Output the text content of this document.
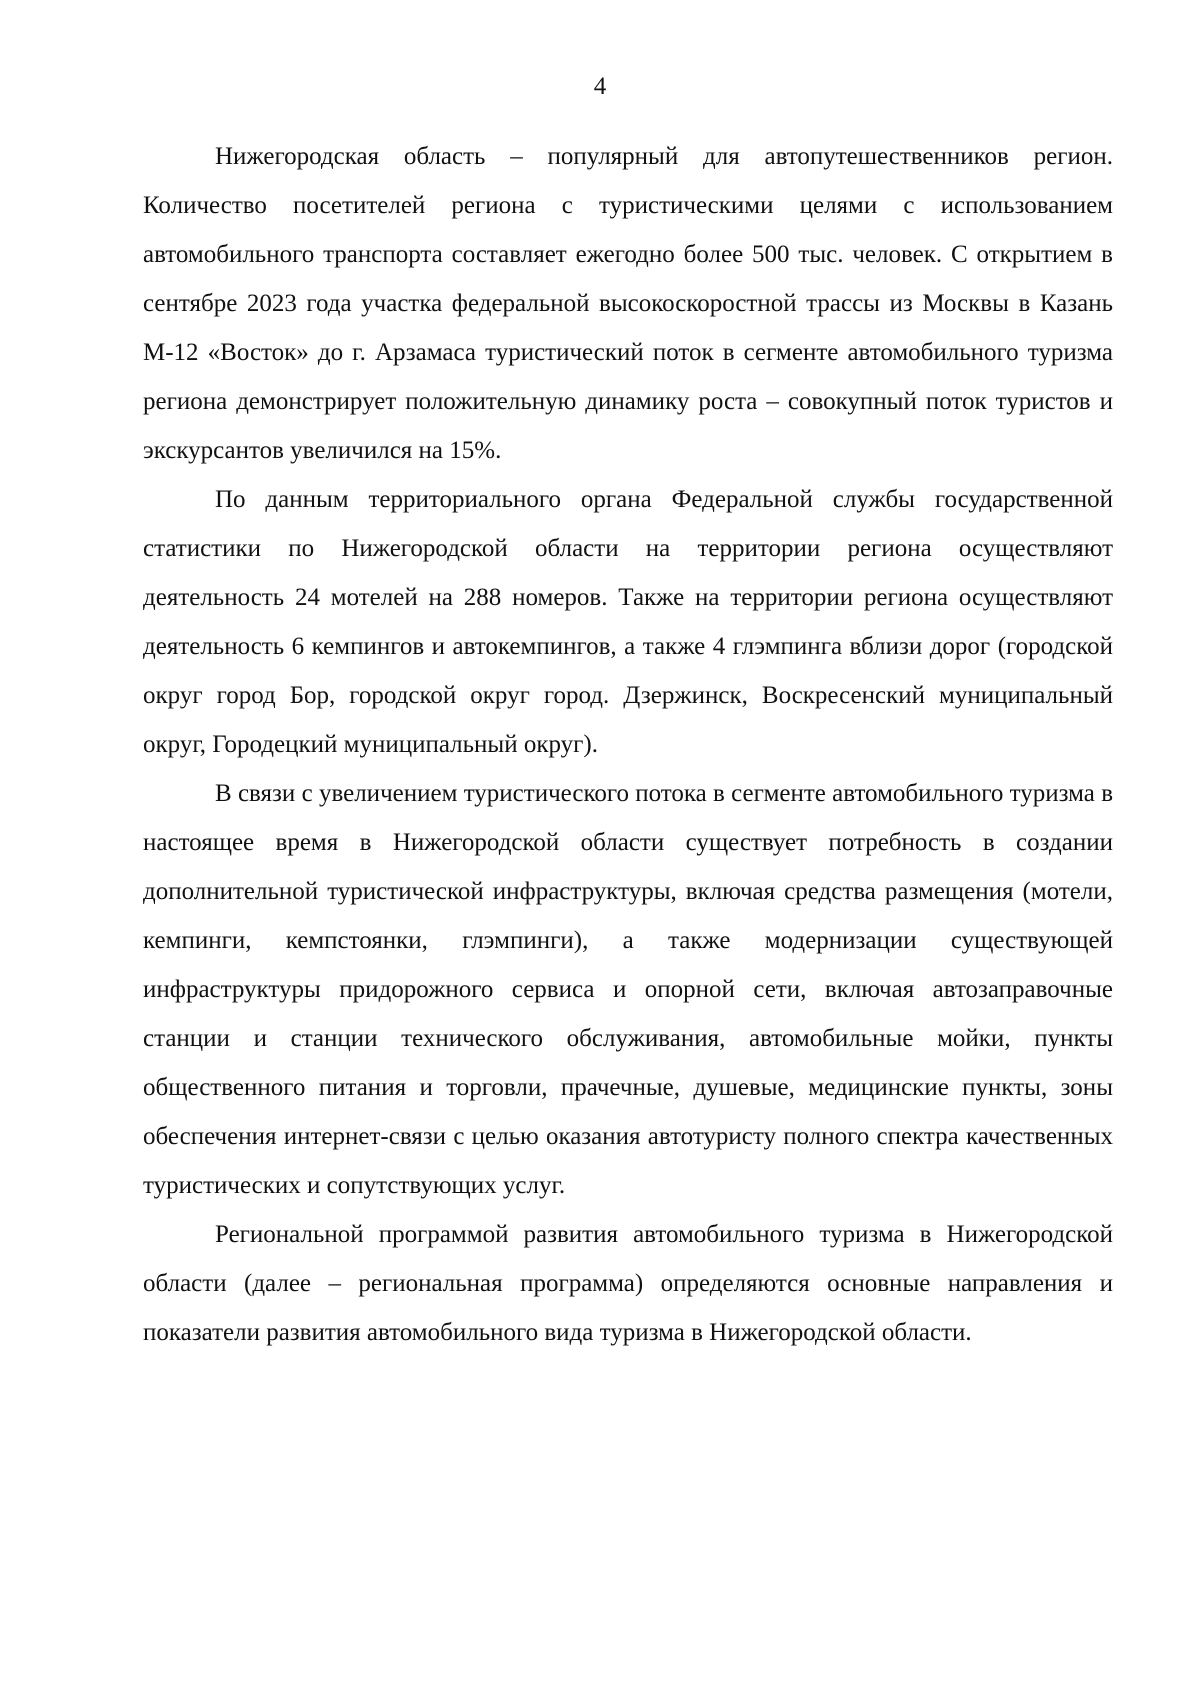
4

Нижегородская область – популярный для автопутешественников регион. Количество посетителей региона с туристическими целями с использованием автомобильного транспорта составляет ежегодно более 500 тыс. человек. С открытием в сентябре 2023 года участка федеральной высокоскоростной трассы из Москвы в Казань М-12 «Восток» до г. Арзамаса туристический поток в сегменте автомобильного туризма региона демонстрирует положительную динамику роста – совокупный поток туристов и экскурсантов увеличился на 15%.

По данным территориального органа Федеральной службы государственной статистики по Нижегородской области на территории региона осуществляют деятельность 24 мотелей на 288 номеров. Также на территории региона осуществляют деятельность 6 кемпингов и автокемпингов, а также 4 глэмпинга вблизи дорог (городской округ город Бор, городской округ город. Дзержинск, Воскресенский муниципальный округ, Городецкий муниципальный округ).

В связи с увеличением туристического потока в сегменте автомобильного туризма в настоящее время в Нижегородской области существует потребность в создании дополнительной туристической инфраструктуры, включая средства размещения (мотели, кемпинги, кемпстоянки, глэмпинги), а также модернизации существующей инфраструктуры придорожного сервиса и опорной сети, включая автозаправочные станции и станции технического обслуживания, автомобильные мойки, пункты общественного питания и торговли, прачечные, душевые, медицинские пункты, зоны обеспечения интернет-связи с целью оказания автотуристу полного спектра качественных туристических и сопутствующих услуг.

Региональной программой развития автомобильного туризма в Нижегородской области (далее – региональная программа) определяются основные направления и показатели развития автомобильного вида туризма в Нижегородской области.
